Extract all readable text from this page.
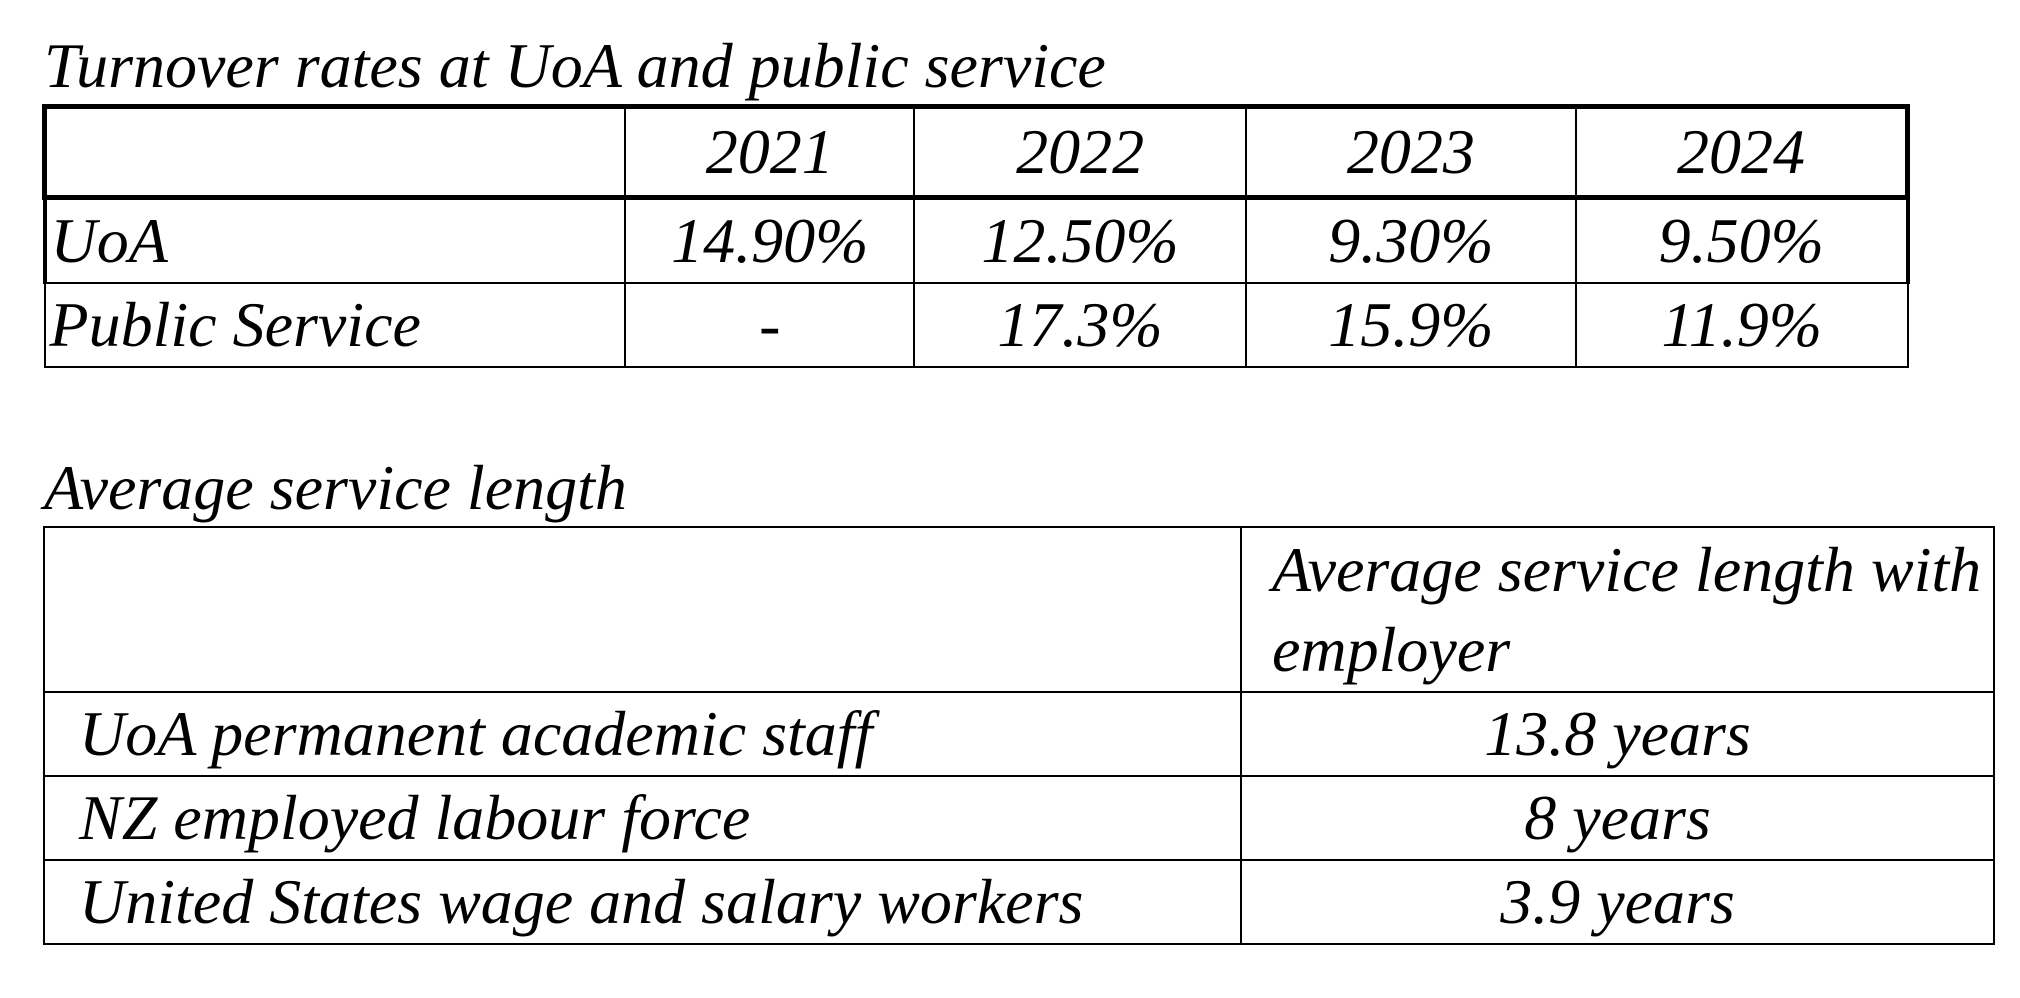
Turnover rates at UoA and public service
	2021	2022	2023	2024
UoA	14.90%	12.50%	9.30%	9.50%
Public Service	-	17.3%	15.9%	11.9%
Average service length
	Average service length with employer
UoA permanent academic staff	13.8 years
NZ employed labour force	8 years
United States wage and salary workers	3.9 years
